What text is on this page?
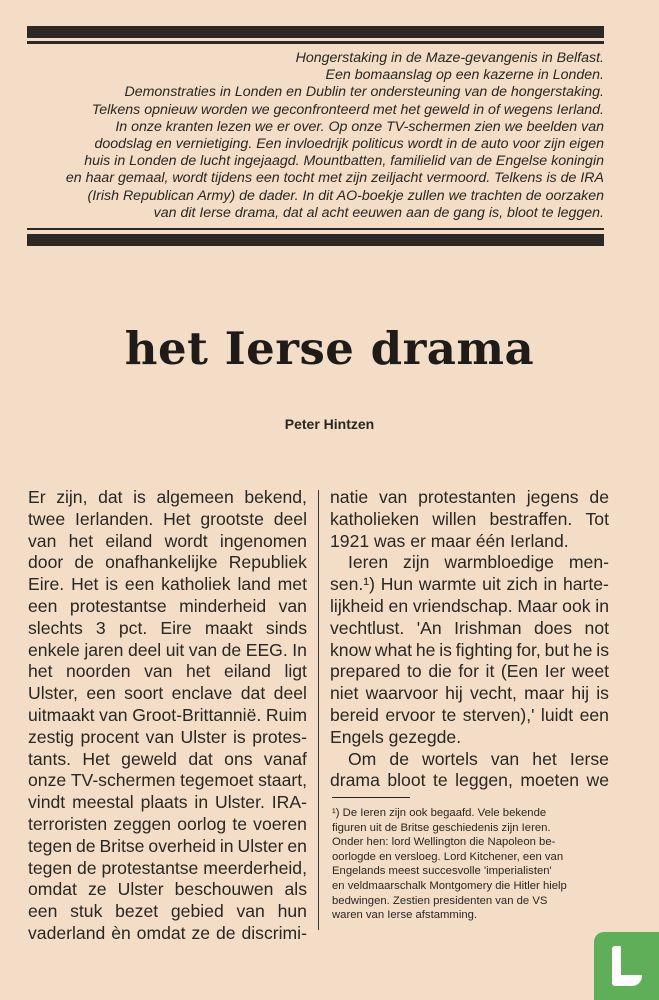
Hongerstaking in de Maze-gevangenis in Belfast.
Een bomaanslag op een kazerne in Londen.
Demonstraties in Londen en Dublin ter ondersteuning van de hongerstaking.
Telkens opnieuw worden we geconfronteerd met het geweld in of wegens Ierland.
In onze kranten lezen we er over. Op onze TV-schermen zien we beelden van
doodslag en vernietiging. Een invloedrijk politicus wordt in de auto voor zijn eigen
huis in Londen de lucht ingejaagd. Mountbatten, familielid van de Engelse koningin
en haar gemaal, wordt tijdens een tocht met zijn zeiljacht vermoord. Telkens is de IRA
(Irish Republican Army) de dader. In dit AO-boekje zullen we trachten de oorzaken
van dit Ierse drama, dat al acht eeuwen aan de gang is, bloot te leggen.
het Ierse drama
Peter Hintzen
Er zijn, dat is algemeen bekend,
twee Ierlanden. Het grootste deel
van het eiland wordt ingenomen
door de onafhankelijke Republiek
Eire. Het is een katholiek land met
een protestantse minderheid van
slechts 3 pct. Eire maakt sinds
enkele jaren deel uit van de EEG. In
het noorden van het eiland ligt
Ulster, een soort enclave dat deel
uitmaakt van Groot-Brittannië. Ruim
zestig procent van Ulster is protes-
tants. Het geweld dat ons vanaf
onze TV-schermen tegemoet staart,
vindt meestal plaats in Ulster. IRA-
terroristen zeggen oorlog te voeren
tegen de Britse overheid in Ulster en
tegen de protestantse meerderheid,
omdat ze Ulster beschouwen als
een stuk bezet gebied van hun
vaderland èn omdat ze de discrimi-
natie van protestanten jegens de
katholieken willen bestraffen. Tot
1921 was er maar één Ierland.
Ieren zijn warmbloedige men-
sen.¹) Hun warmte uit zich in harte-
lijkheid en vriendschap. Maar ook in
vechtlust. 'An Irishman does not
know what he is fighting for, but he is
prepared to die for it (Een Ier weet
niet waarvoor hij vecht, maar hij is
bereid ervoor te sterven),' luidt een
Engels gezegde.
Om de wortels van het Ierse
drama bloot te leggen, moeten we
¹) De Ieren zijn ook begaafd. Vele bekende
figuren uit de Britse geschiedenis zijn Ieren.
Onder hen: lord Wellington die Napoleon be-
oorlogde en versloeg. Lord Kitchener, een van
Engelands meest succesvolle 'imperialisten'
en veldmaarschalk Montgomery die Hitler hielp
bedwingen. Zestien presidenten van de VS
waren van Ierse afstamming.
